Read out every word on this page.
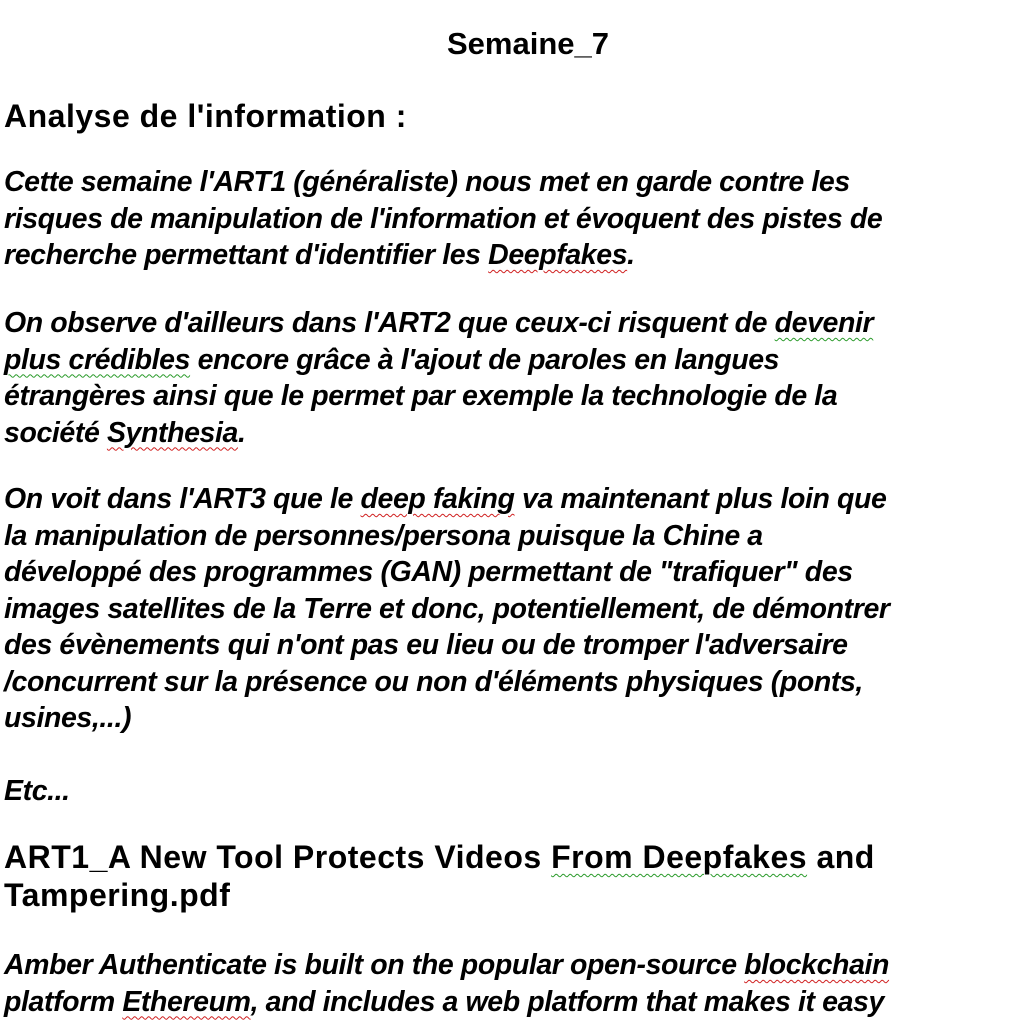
Semaine_7
Analyse de l'information :
Cette semaine l'ART1 (généraliste) nous met en garde contre les
risques de manipulation de l'information et évoquent des pistes de
recherche permettant d'identifier les Deepfakes.
On observe d'ailleurs dans l'ART2 que ceux-ci risquent de devenir
plus crédibles encore grâce à l'ajout de paroles en langues
étrangères ainsi que le permet par exemple la technologie de la
société Synthesia.
On voit dans l'ART3 que le deep faking va maintenant plus loin que
la manipulation de personnes/persona puisque la Chine a
développé des programmes (GAN) permettant de "trafiquer" des
images satellites de la Terre et donc, potentiellement, de démontrer
des évènements qui n'ont pas eu lieu ou de tromper l'adversaire
/concurrent sur la présence ou non d'éléments physiques (ponts,
usines,...)
Etc...
ART1_A New Tool Protects Videos From Deepfakes and
Tampering.pdf
Amber Authenticate is built on the popular open-source blockchain
platform Ethereum, and includes a web platform that makes it easy
